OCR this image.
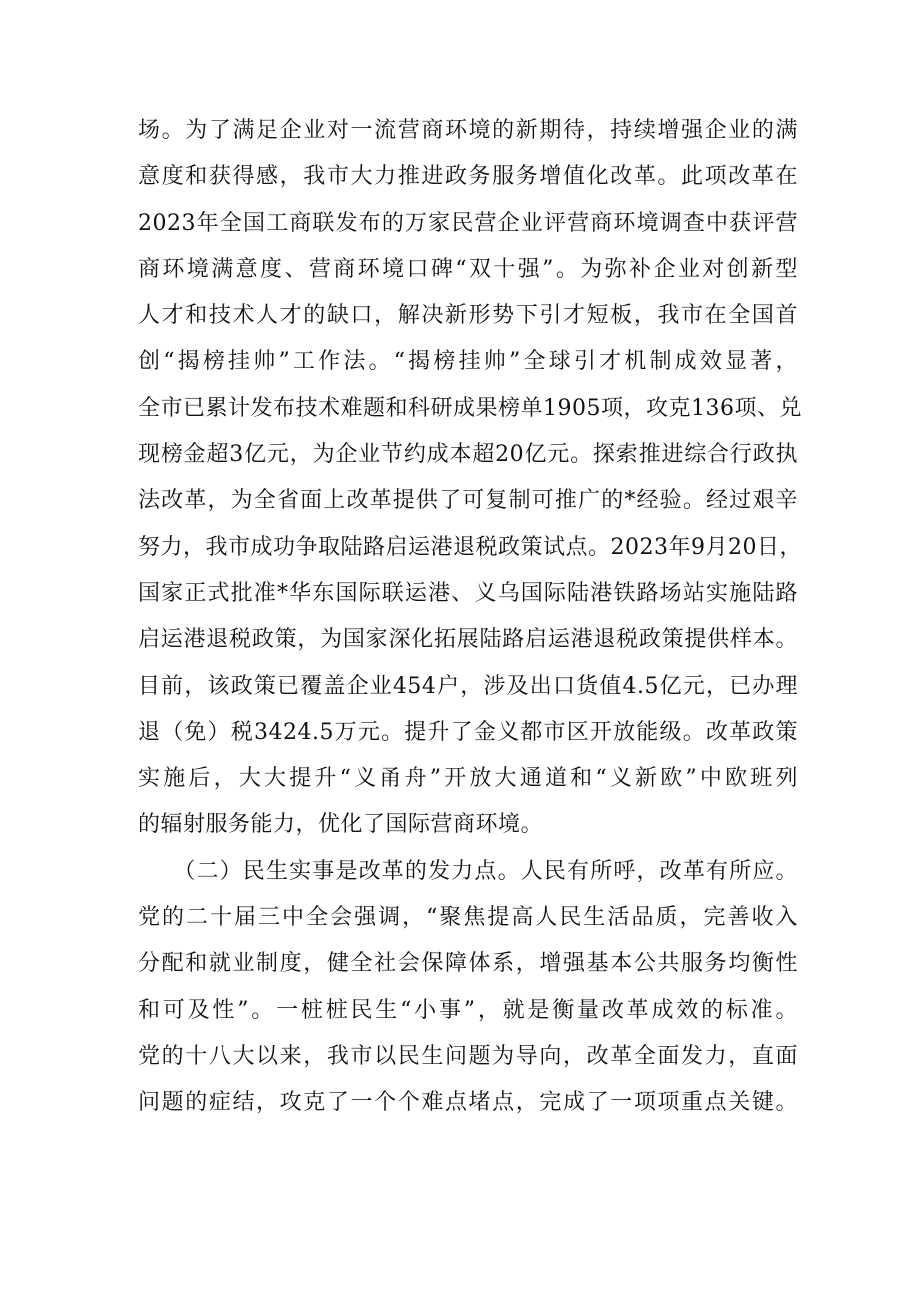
场。为了满足企业对一流营商环境的新期待，持续增强企业的满
意度和获得感，我市大力推进政务服务增值化改革。此项改革在
2023年全国工商联发布的万家民营企业评营商环境调查中获评营
商环境满意度、营商环境口碑“双十强”。为弥补企业对创新型
人才和技术人才的缺口，解决新形势下引才短板，我市在全国首
创“揭榜挂帅”工作法。“揭榜挂帅”全球引才机制成效显著，
全市已累计发布技术难题和科研成果榜单1905项，攻克136项、兑
现榜金超3亿元，为企业节约成本超20亿元。探索推进综合行政执
法改革，为全省面上改革提供了可复制可推广的*经验。经过艰辛
努力，我市成功争取陆路启运港退税政策试点。2023年9月20日，
国家正式批准*华东国际联运港、义乌国际陆港铁路场站实施陆路
启运港退税政策，为国家深化拓展陆路启运港退税政策提供样本。
目前，该政策已覆盖企业454户，涉及出口货值4.5亿元，已办理
退（免）税3424.5万元。提升了金义都市区开放能级。改革政策
实施后，大大提升“义甬舟”开放大通道和“义新欧”中欧班列
的辐射服务能力，优化了国际营商环境。
　　（二）民生实事是改革的发力点。人民有所呼，改革有所应。
党的二十届三中全会强调，“聚焦提高人民生活品质，完善收入
分配和就业制度，健全社会保障体系，增强基本公共服务均衡性
和可及性”。一桩桩民生“小事”，就是衡量改革成效的标准。
党的十八大以来，我市以民生问题为导向，改革全面发力，直面
问题的症结，攻克了一个个难点堵点，完成了一项项重点关键。
